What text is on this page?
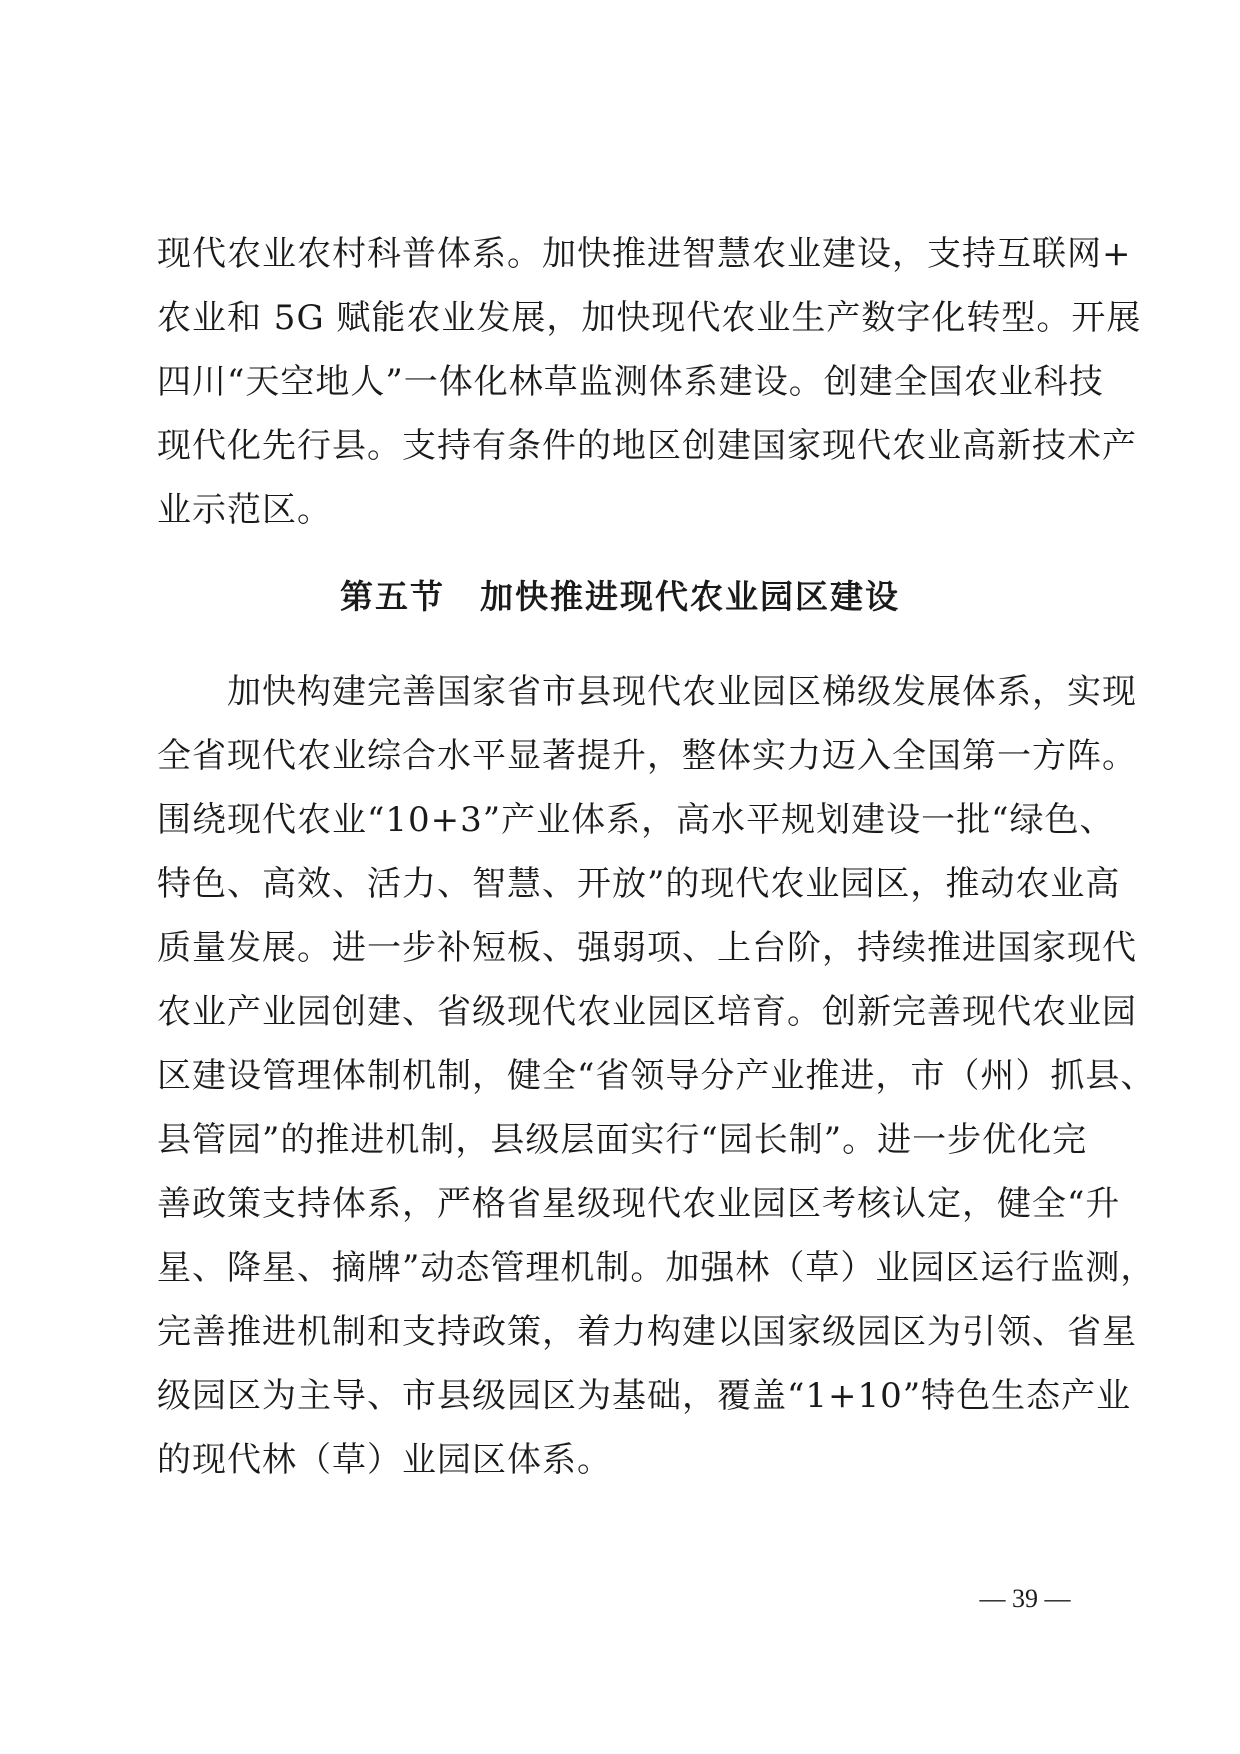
现代农业农村科普体系。加快推进智慧农业建设，支持互联网+
农业和 5G 赋能农业发展，加快现代农业生产数字化转型。开展
四川“天空地人”一体化林草监测体系建设。创建全国农业科技
现代化先行县。支持有条件的地区创建国家现代农业高新技术产
业示范区。
第五节　加快推进现代农业园区建设
加快构建完善国家省市县现代农业园区梯级发展体系，实现
全省现代农业综合水平显著提升，整体实力迈入全国第一方阵。
围绕现代农业“10+3”产业体系，高水平规划建设一批“绿色、
特色、高效、活力、智慧、开放”的现代农业园区，推动农业高
质量发展。进一步补短板、强弱项、上台阶，持续推进国家现代
农业产业园创建、省级现代农业园区培育。创新完善现代农业园
区建设管理体制机制，健全“省领导分产业推进，市（州）抓县、
县管园”的推进机制，县级层面实行“园长制”。进一步优化完
善政策支持体系，严格省星级现代农业园区考核认定，健全“升
星、降星、摘牌”动态管理机制。加强林（草）业园区运行监测，
完善推进机制和支持政策，着力构建以国家级园区为引领、省星
级园区为主导、市县级园区为基础，覆盖“1+10”特色生态产业
的现代林（草）业园区体系。
— 39 —
